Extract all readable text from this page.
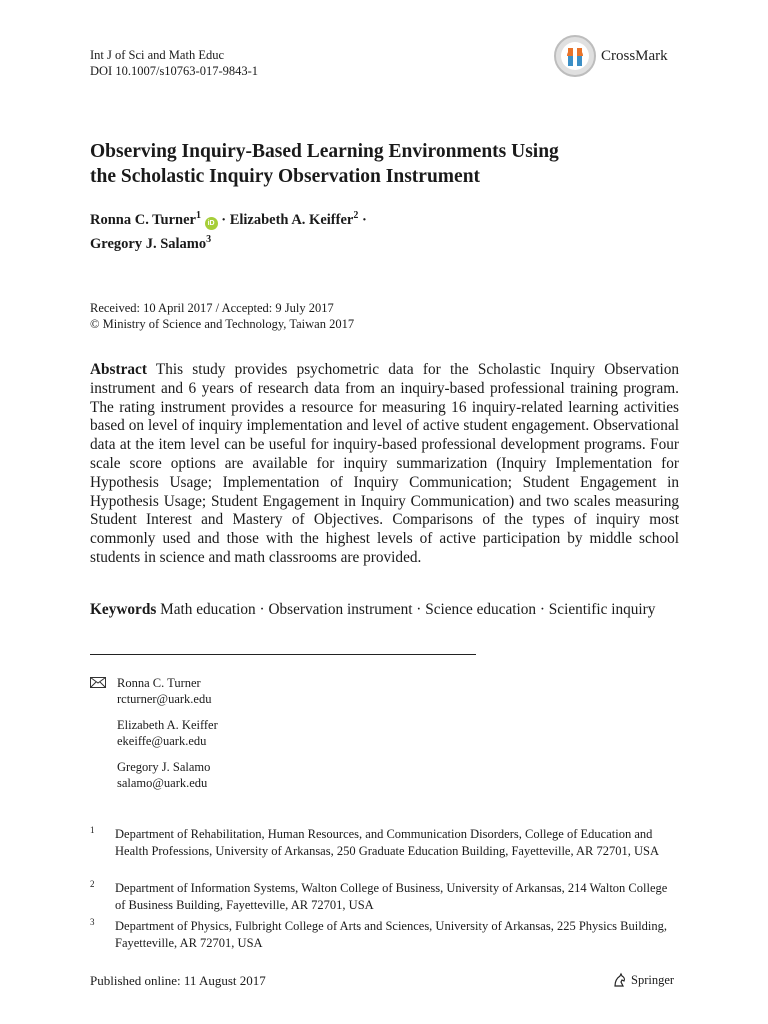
Int J of Sci and Math Educ
DOI 10.1007/s10763-017-9843-1
CrossMark
Observing Inquiry-Based Learning Environments Using
the Scholastic Inquiry Observation Instrument
Ronna C. Turner$^1$ iD · Elizabeth A. Keiffer$^2$ ·
Gregory J. Salamo$^3$
Received: 10 April 2017 / Accepted: 9 July 2017
© Ministry of Science and Technology, Taiwan 2017
Abstract This study provides psychometric data for the Scholastic Inquiry Observation instrument and 6 years of research data from an inquiry-based professional training program. The rating instrument provides a resource for measuring 16 inquiry-related learning activities based on level of inquiry implementation and level of active student engagement. Observational data at the item level can be useful for inquiry-based professional development programs. Four scale score options are available for inquiry summarization (Inquiry Implementation for Hypothesis Usage; Implementation of Inquiry Communication; Student Engagement in Hypothesis Usage; Student Engagement in Inquiry Communication) and two scales measuring Student Interest and Mastery of Objectives. Comparisons of the types of inquiry most commonly used and those with the highest levels of active participation by middle school students in science and math classrooms are provided.
Keywords Math education · Observation instrument · Science education · Scientific inquiry
Ronna C. Turner
rcturner@uark.edu
Elizabeth A. Keiffer
ekeiffe@uark.edu
Gregory J. Salamo
salamo@uark.edu
1 Department of Rehabilitation, Human Resources, and Communication Disorders, College of Education and Health Professions, University of Arkansas, 250 Graduate Education Building, Fayetteville, AR 72701, USA
2 Department of Information Systems, Walton College of Business, University of Arkansas, 214 Walton College of Business Building, Fayetteville, AR 72701, USA
3 Department of Physics, Fulbright College of Arts and Sciences, University of Arkansas, 225 Physics Building, Fayetteville, AR 72701, USA
Published online: 11 August 2017	Springer
